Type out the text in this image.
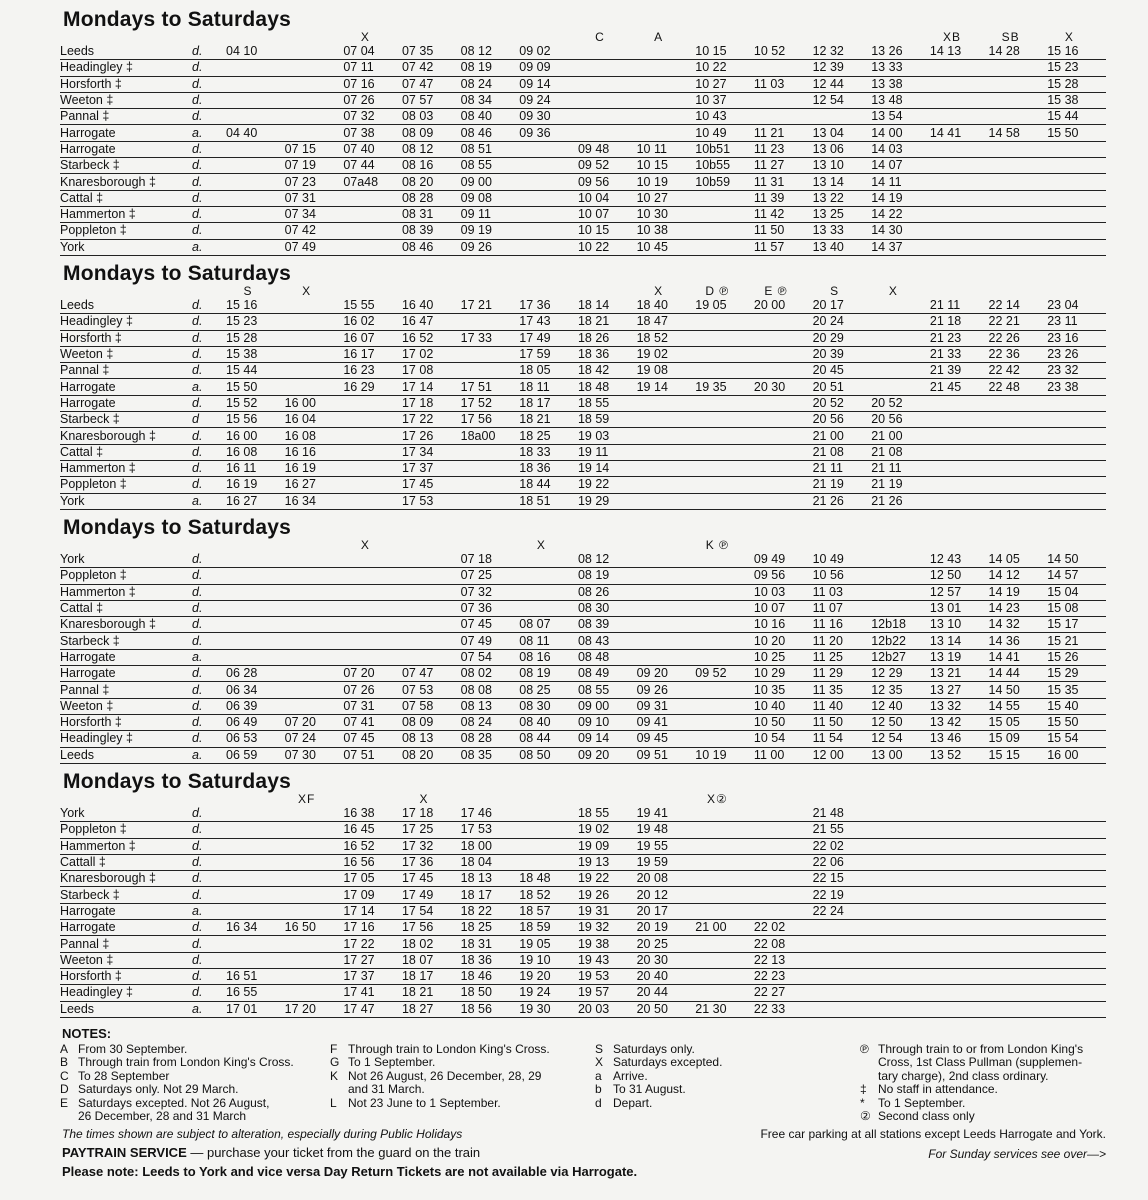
Mondays to Saturdays
X	C	A	XB	SB	X
Leeds	d.	04 10		07 04	07 35	08 12	09 02			10 15	10 52	12 32	13 26	14 13	14 28	15 16
Headingley ‡	d.			07 11	07 42	08 19	09 09			10 22		12 39	13 33			15 23
Horsforth ‡	d.			07 16	07 47	08 24	09 14			10 27	11 03	12 44	13 38			15 28
Weeton ‡	d.			07 26	07 57	08 34	09 24			10 37		12 54	13 48			15 38
Pannal ‡	d.			07 32	08 03	08 40	09 30			10 43			13 54			15 44
Harrogate	a.	04 40		07 38	08 09	08 46	09 36			10 49	11 21	13 04	14 00	14 41	14 58	15 50
Harrogate	d.		07 15	07 40	08 12	08 51		09 48	10 11	10b51	11 23	13 06	14 03			
Starbeck ‡	d.		07 19	07 44	08 16	08 55		09 52	10 15	10b55	11 27	13 10	14 07			
Knaresborough ‡	d.		07 23	07a48	08 20	09 00		09 56	10 19	10b59	11 31	13 14	14 11			
Cattal ‡	d.		07 31		08 28	09 08		10 04	10 27		11 39	13 22	14 19			
Hammerton ‡	d.		07 34		08 31	09 11		10 07	10 30		11 42	13 25	14 22			
Poppleton ‡	d.		07 42		08 39	09 19		10 15	10 38		11 50	13 33	14 30			
York	a.		07 49		08 46	09 26		10 22	10 45		11 57	13 40	14 37			
Mondays to Saturdays
S	X	X	D ℗	E ℗	S	X
Leeds	d.	15 16		15 55	16 40	17 21	17 36	18 14	18 40	19 05	20 00	20 17		21 11	22 14	23 04
Headingley ‡	d.	15 23		16 02	16 47		17 43	18 21	18 47			20 24		21 18	22 21	23 11
Horsforth ‡	d.	15 28		16 07	16 52	17 33	17 49	18 26	18 52			20 29		21 23	22 26	23 16
Weeton ‡	d.	15 38		16 17	17 02		17 59	18 36	19 02			20 39		21 33	22 36	23 26
Pannal ‡	d.	15 44		16 23	17 08		18 05	18 42	19 08			20 45		21 39	22 42	23 32
Harrogate	a.	15 50		16 29	17 14	17 51	18 11	18 48	19 14	19 35	20 30	20 51		21 45	22 48	23 38
Harrogate	d.	15 52	16 00		17 18	17 52	18 17	18 55				20 52	20 52			
Starbeck ‡	d	15 56	16 04		17 22	17 56	18 21	18 59				20 56	20 56			
Knaresborough ‡	d.	16 00	16 08		17 26	18a00	18 25	19 03				21 00	21 00			
Cattal ‡	d.	16 08	16 16		17 34		18 33	19 11				21 08	21 08			
Hammerton ‡	d.	16 11	16 19		17 37		18 36	19 14				21 11	21 11			
Poppleton ‡	d.	16 19	16 27		17 45		18 44	19 22				21 19	21 19			
York	a.	16 27	16 34		17 53		18 51	19 29				21 26	21 26			
Mondays to Saturdays
X	X	K ℗
York	d.					07 18		08 12			09 49	10 49		12 43	14 05	14 50
Poppleton ‡	d.					07 25		08 19			09 56	10 56		12 50	14 12	14 57
Hammerton ‡	d.					07 32		08 26			10 03	11 03		12 57	14 19	15 04
Cattal ‡	d.					07 36		08 30			10 07	11 07		13 01	14 23	15 08
Knaresborough ‡	d.					07 45	08 07	08 39			10 16	11 16	12b18	13 10	14 32	15 17
Starbeck ‡	d.					07 49	08 11	08 43			10 20	11 20	12b22	13 14	14 36	15 21
Harrogate	a.					07 54	08 16	08 48			10 25	11 25	12b27	13 19	14 41	15 26
Harrogate	d.	06 28		07 20	07 47	08 02	08 19	08 49	09 20	09 52	10 29	11 29	12 29	13 21	14 44	15 29
Pannal ‡	d.	06 34		07 26	07 53	08 08	08 25	08 55	09 26		10 35	11 35	12 35	13 27	14 50	15 35
Weeton ‡	d.	06 39		07 31	07 58	08 13	08 30	09 00	09 31		10 40	11 40	12 40	13 32	14 55	15 40
Horsforth ‡	d.	06 49	07 20	07 41	08 09	08 24	08 40	09 10	09 41		10 50	11 50	12 50	13 42	15 05	15 50
Headingley ‡	d.	06 53	07 24	07 45	08 13	08 28	08 44	09 14	09 45		10 54	11 54	12 54	13 46	15 09	15 54
Leeds	a.	06 59	07 30	07 51	08 20	08 35	08 50	09 20	09 51	10 19	11 00	12 00	13 00	13 52	15 15	16 00
Mondays to Saturdays
XF	X	X②
York	d.			16 38	17 18	17 46		18 55	19 41			21 48				
Poppleton ‡	d.			16 45	17 25	17 53		19 02	19 48			21 55				
Hammerton ‡	d.			16 52	17 32	18 00		19 09	19 55			22 02				
Cattall ‡	d.			16 56	17 36	18 04		19 13	19 59			22 06				
Knaresborough ‡	d.			17 05	17 45	18 13	18 48	19 22	20 08			22 15				
Starbeck ‡	d.			17 09	17 49	18 17	18 52	19 26	20 12			22 19				
Harrogate	a.			17 14	17 54	18 22	18 57	19 31	20 17			22 24				
Harrogate	d.	16 34	16 50	17 16	17 56	18 25	18 59	19 32	20 19	21 00	22 02					
Pannal ‡	d.			17 22	18 02	18 31	19 05	19 38	20 25		22 08					
Weeton ‡	d.			17 27	18 07	18 36	19 10	19 43	20 30		22 13					
Horsforth ‡	d.	16 51		17 37	18 17	18 46	19 20	19 53	20 40		22 23					
Headingley ‡	d.	16 55		17 41	18 21	18 50	19 24	19 57	20 44		22 27					
Leeds	a.	17 01	17 20	17 47	18 27	18 56	19 30	20 03	20 50	21 30	22 33					
NOTES:
A From 30 September.
B Through train from London King's Cross.
C To 28 September
D Saturdays only. Not 29 March.
E Saturdays excepted. Not 26 August,
26 December, 28 and 31 March
F Through train to London King's Cross.
G To 1 September.
K Not 26 August, 26 December, 28, 29
and 31 March.
L Not 23 June to 1 September.
S Saturdays only.
X Saturdays excepted.
a Arrive.
b To 31 August.
d Depart.
℗ Through train to or from London King's
Cross, 1st Class Pullman (supplemen-
tary charge), 2nd class ordinary.
‡ No staff in attendance.
*	To 1 September.
② Second class only
The times shown are subject to alteration, especially during Public Holidays	Free car parking at all stations except Leeds Harrogate and York.
PAYTRAIN SERVICE — purchase your ticket from the guard on the train	For Sunday services see over—>
Please note: Leeds to York and vice versa Day Return Tickets are not available via Harrogate.
